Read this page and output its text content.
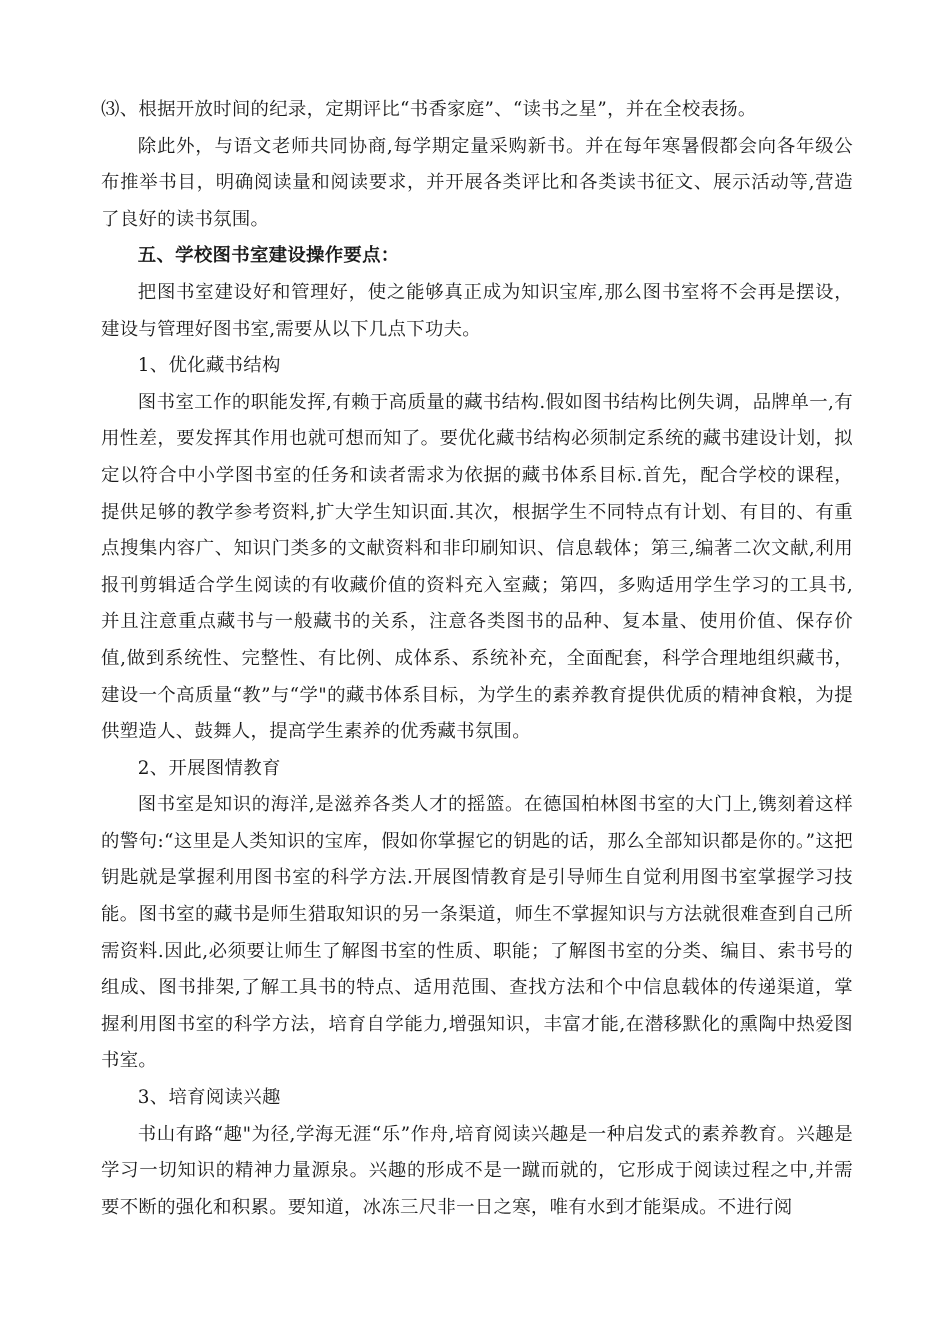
⑶、根据开放时间的纪录，定期评比“书香家庭”、“读书之星”，并在全校表扬。

除此外，与语文老师共同协商,每学期定量采购新书。并在每年寒暑假都会向各年级公布推举书目，明确阅读量和阅读要求，并开展各类评比和各类读书征文、展示活动等,营造了良好的读书氛围。

五、学校图书室建设操作要点：

把图书室建设好和管理好，使之能够真正成为知识宝库,那么图书室将不会再是摆设，建设与管理好图书室,需要从以下几点下功夫。

1、优化藏书结构

图书室工作的职能发挥,有赖于高质量的藏书结构.假如图书结构比例失调，品牌单一,有用性差，要发挥其作用也就可想而知了。要优化藏书结构必须制定系统的藏书建设计划，拟定以符合中小学图书室的任务和读者需求为依据的藏书体系目标.首先，配合学校的课程，提供足够的教学参考资料,扩大学生知识面.其次，根据学生不同特点有计划、有目的、有重点搜集内容广、知识门类多的文献资料和非印刷知识、信息载体；第三,编著二次文献,利用报刊剪辑适合学生阅读的有收藏价值的资料充入室藏；第四，多购适用学生学习的工具书,并且注意重点藏书与一般藏书的关系，注意各类图书的品种、复本量、使用价值、保存价值,做到系统性、完整性、有比例、成体系、系统补充，全面配套，科学合理地组织藏书，建设一个高质量“教”与“学"的藏书体系目标，为学生的素养教育提供优质的精神食粮，为提供塑造人、鼓舞人，提高学生素养的优秀藏书氛围。

2、开展图情教育

图书室是知识的海洋,是滋养各类人才的摇篮。在德国柏林图书室的大门上,镌刻着这样的警句:“这里是人类知识的宝库，假如你掌握它的钥匙的话，那么全部知识都是你的。”这把钥匙就是掌握利用图书室的科学方法.开展图情教育是引导师生自觉利用图书室掌握学习技能。图书室的藏书是师生猎取知识的另一条渠道，师生不掌握知识与方法就很难查到自己所需资料.因此,必须要让师生了解图书室的性质、职能；了解图书室的分类、编目、索书号的组成、图书排架,了解工具书的特点、适用范围、查找方法和个中信息载体的传递渠道，掌握利用图书室的科学方法，培育自学能力,增强知识，丰富才能,在潜移默化的熏陶中热爱图书室。

3、培育阅读兴趣

书山有路“趣"为径,学海无涯“乐”作舟,培育阅读兴趣是一种启发式的素养教育。兴趣是学习一切知识的精神力量源泉。兴趣的形成不是一蹴而就的，它形成于阅读过程之中,并需要不断的强化和积累。要知道，冰冻三尺非一日之寒，唯有水到才能渠成。不进行阅
